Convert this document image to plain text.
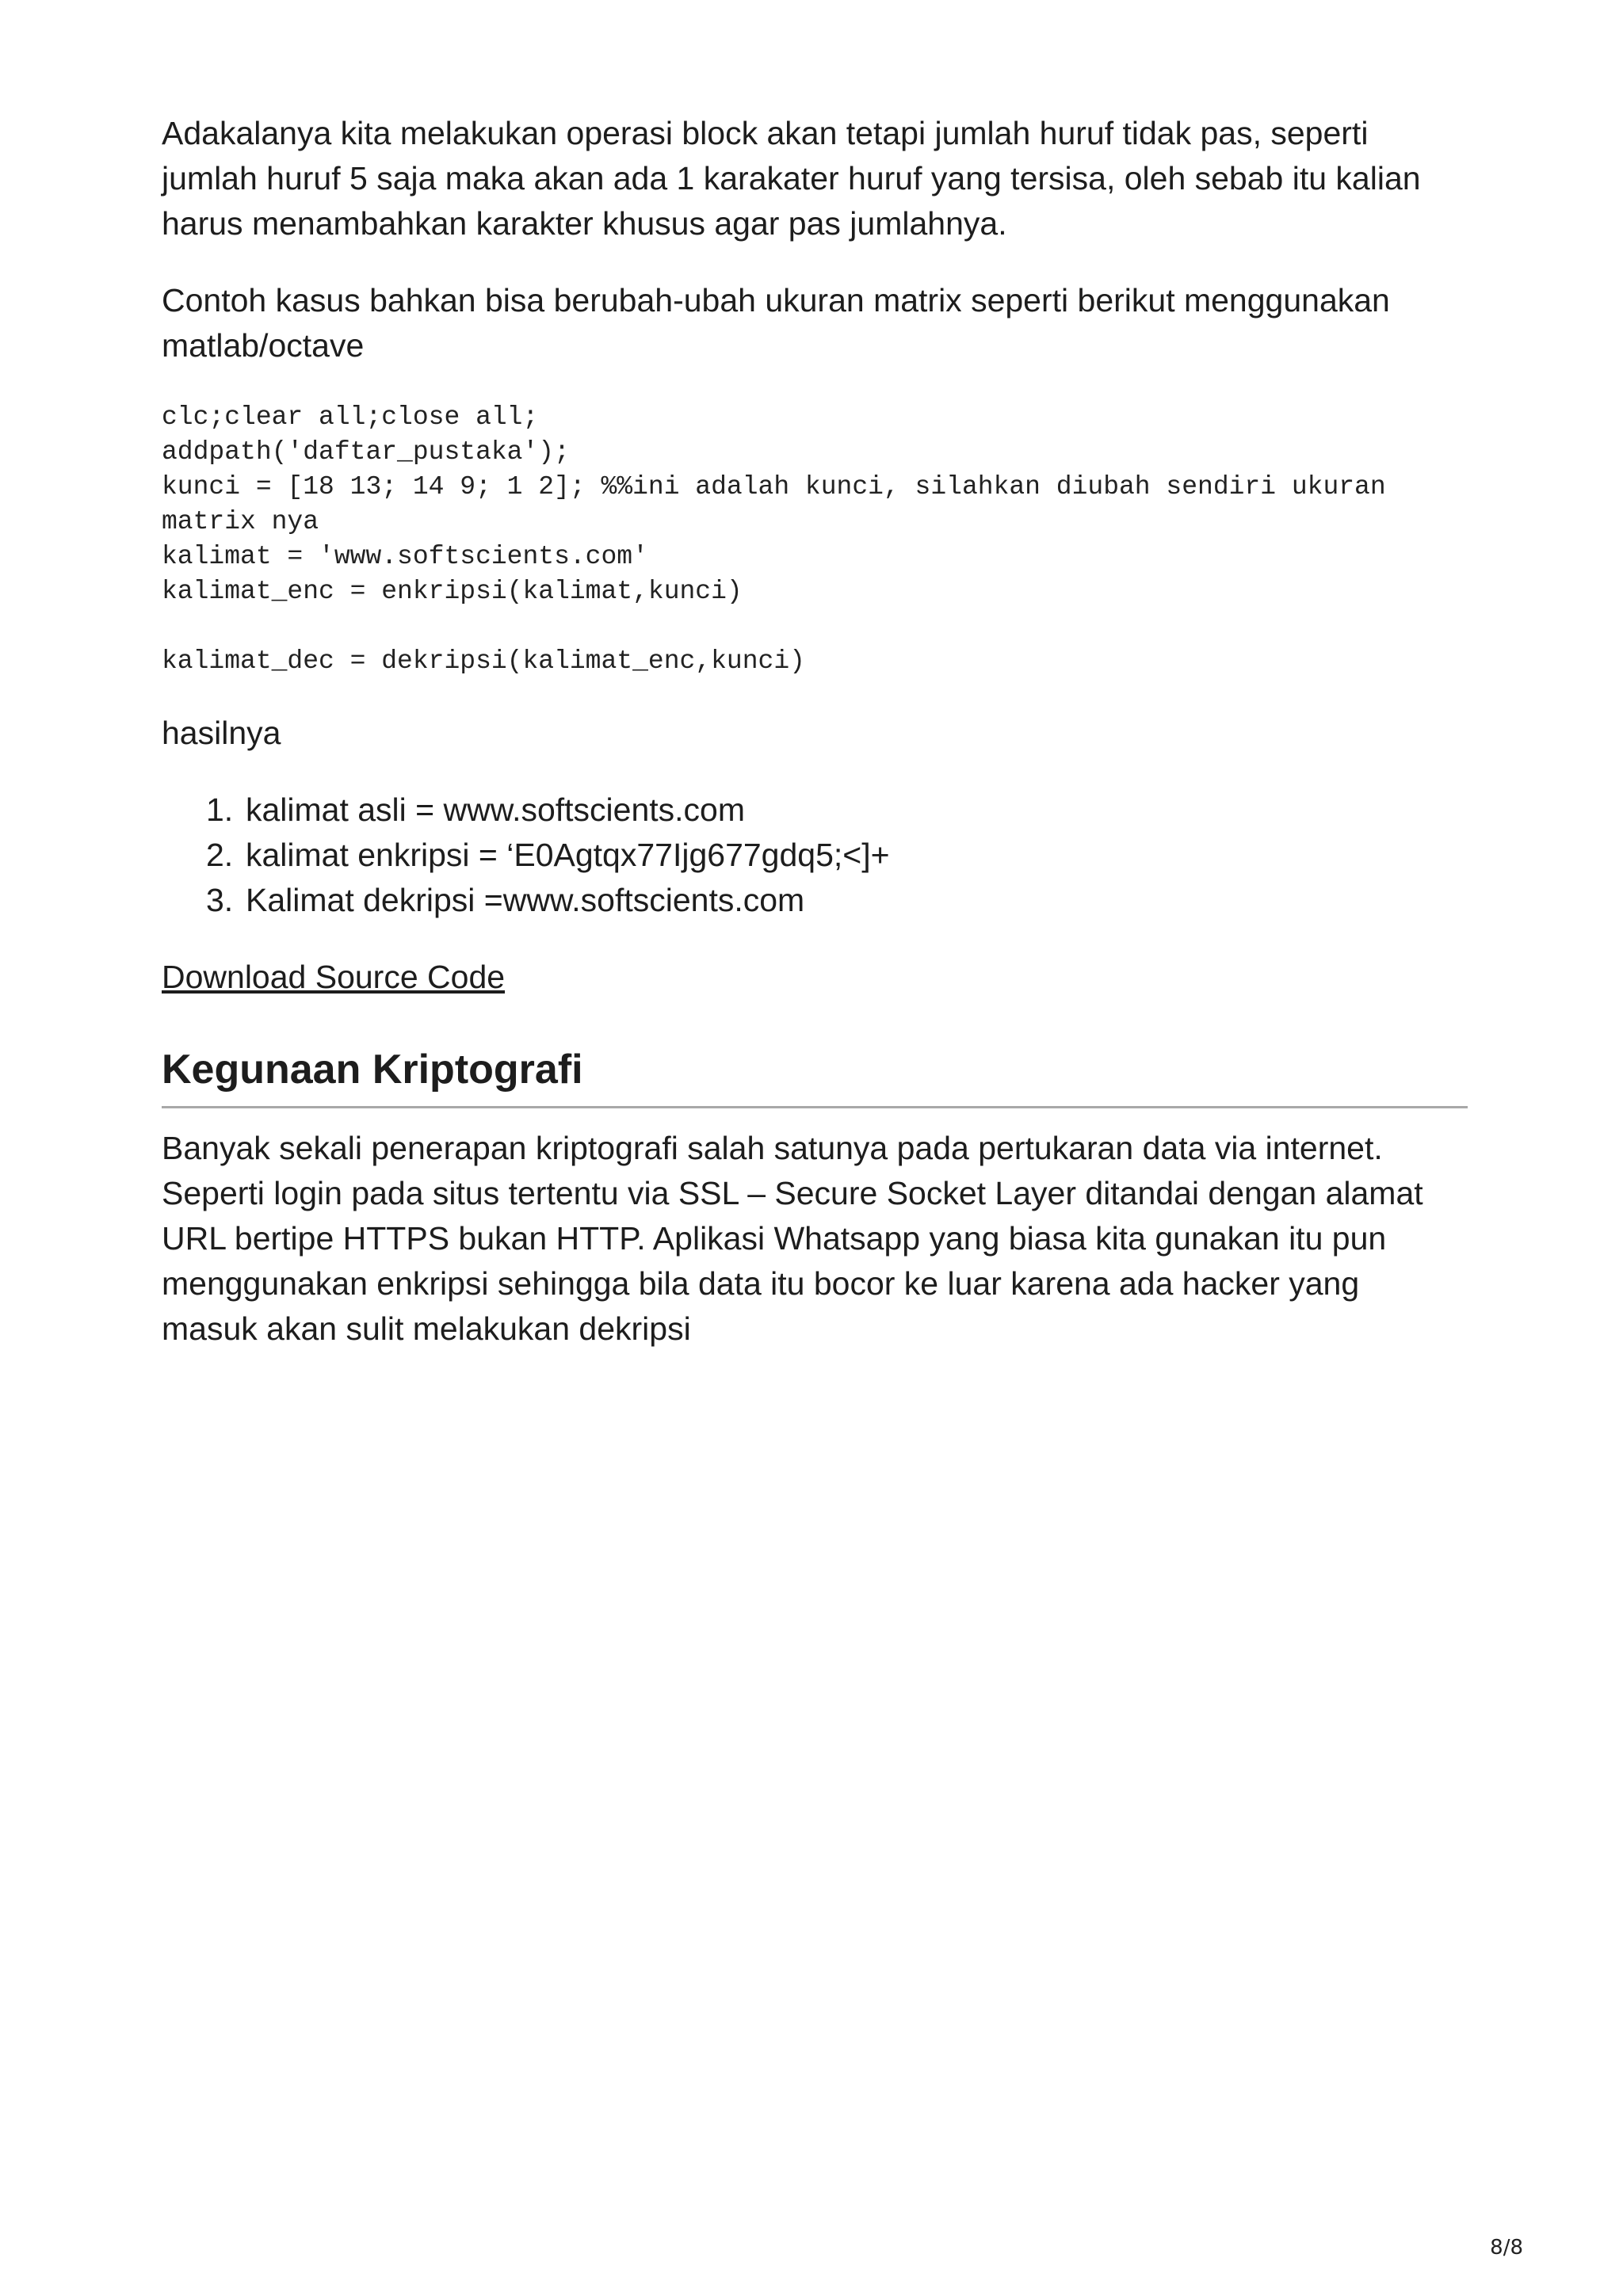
Adakalanya kita melakukan operasi block akan tetapi jumlah huruf tidak pas, seperti
jumlah huruf 5 saja maka akan ada 1 karakater huruf yang tersisa, oleh sebab itu kalian
harus menambahkan karakter khusus agar pas jumlahnya.

Contoh kasus bahkan bisa berubah-ubah ukuran matrix seperti berikut menggunakan
matlab/octave

clc;clear all;close all;
addpath('daftar_pustaka');
kunci = [18 13; 14 9; 1 2]; %%ini adalah kunci, silahkan diubah sendiri ukuran
matrix nya
kalimat = 'www.softscients.com'
kalimat_enc = enkripsi(kalimat,kunci)

kalimat_dec = dekripsi(kalimat_enc,kunci)

hasilnya

1. kalimat asli = www.softscients.com
2. kalimat enkripsi = ‘E0Agtqx77Ijg677gdq5;<]+
3. Kalimat dekripsi =www.softscients.com
Download Source Code
Kegunaan Kriptografi

Banyak sekali penerapan kriptografi salah satunya pada pertukaran data via internet.
Seperti login pada situs tertentu via SSL – Secure Socket Layer ditandai dengan alamat
URL bertipe HTTPS bukan HTTP. Aplikasi Whatsapp yang biasa kita gunakan itu pun
menggunakan enkripsi sehingga bila data itu bocor ke luar karena ada hacker yang
masuk akan sulit melakukan dekripsi

8/8
